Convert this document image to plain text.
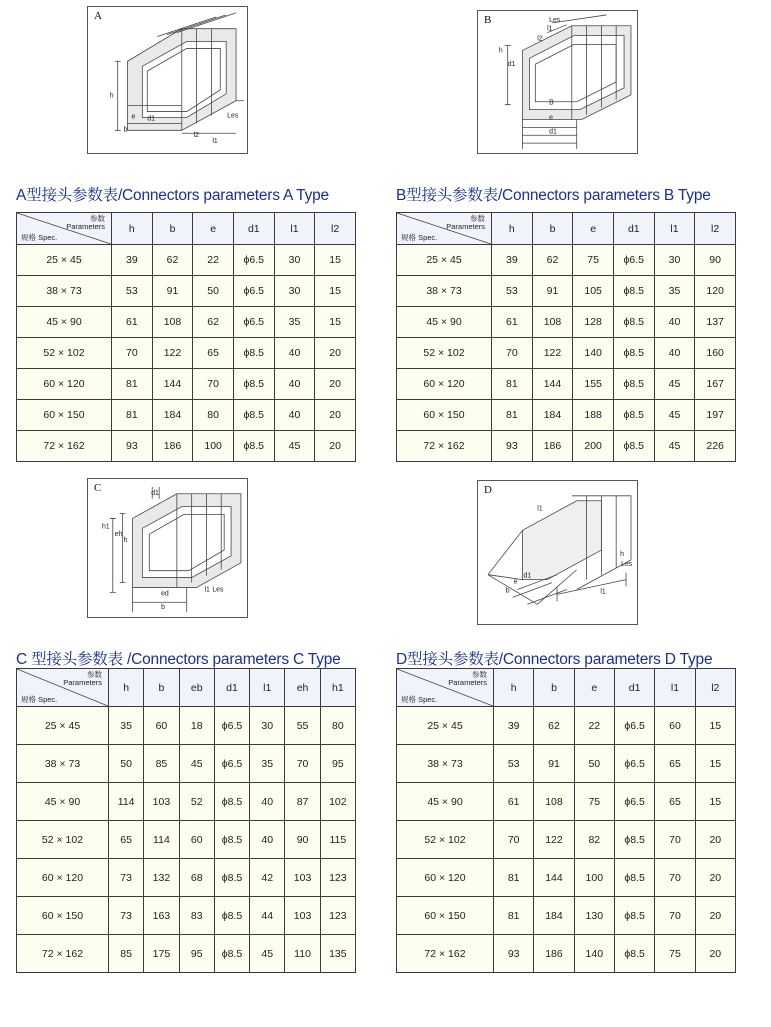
h
e
b
d1
l2
l1
Les
A	Les
l1
l2
h
d1
B
e
d1
B
A型接头参数表/Connectors parameters A Type	B型接头参数表/Connectors parameters B Type
参数
Parameters
规格 Spec.	h	b	e	d1	l1	l2
25 × 45	39	62	22	ϕ6.5	30	15
38 × 73	53	91	50	ϕ6.5	30	15
45 × 90	61	108	62	ϕ6.5	35	15
52 × 102	70	122	65	ϕ8.5	40	20
60 × 120	81	144	70	ϕ8.5	40	20
60 × 150	81	184	80	ϕ8.5	40	20
72 × 162	93	186	100	ϕ8.5	45	20
参数
Parameters
规格 Spec.	h	b	e	d1	l1	l2
25 × 45	39	62	75	ϕ6.5	30	90
38 × 73	53	91	105	ϕ8.5	35	120
45 × 90	61	108	128	ϕ8.5	40	137
52 × 102	70	122	140	ϕ8.5	40	160
60 × 120	81	144	155	ϕ8.5	45	167
60 × 150	81	184	188	ϕ8.5	45	197
72 × 162	93	186	200	ϕ8.5	45	226
d1
h1
eh
h
ed
b
l1 Les
C
l1
h
Les
b
e
d1
l1
D
C 型接头参数表 /Connectors parameters C Type	D型接头参数表/Connectors parameters D Type
参数
Parameters
规格 Spec.	h	b	eb	d1	l1	eh	h1
25 × 45	35	60	18	ϕ6.5	30	55	80
38 × 73	50	85	45	ϕ6.5	35	70	95
45 × 90	114	103	52	ϕ8.5	40	87	102
52 × 102	65	114	60	ϕ8.5	40	90	115
60 × 120	73	132	68	ϕ8.5	42	103	123
60 × 150	73	163	83	ϕ8.5	44	103	123
72 × 162	85	175	95	ϕ8.5	45	110	135
参数
Parameters
规格 Spec.	h	b	e	d1	l1	l2
25 × 45	39	62	22	ϕ6.5	60	15
38 × 73	53	91	50	ϕ6.5	65	15
45 × 90	61	108	75	ϕ6.5	65	15
52 × 102	70	122	82	ϕ8.5	70	20
60 × 120	81	144	100	ϕ8.5	70	20
60 × 150	81	184	130	ϕ8.5	70	20
72 × 162	93	186	140	ϕ8.5	75	20
